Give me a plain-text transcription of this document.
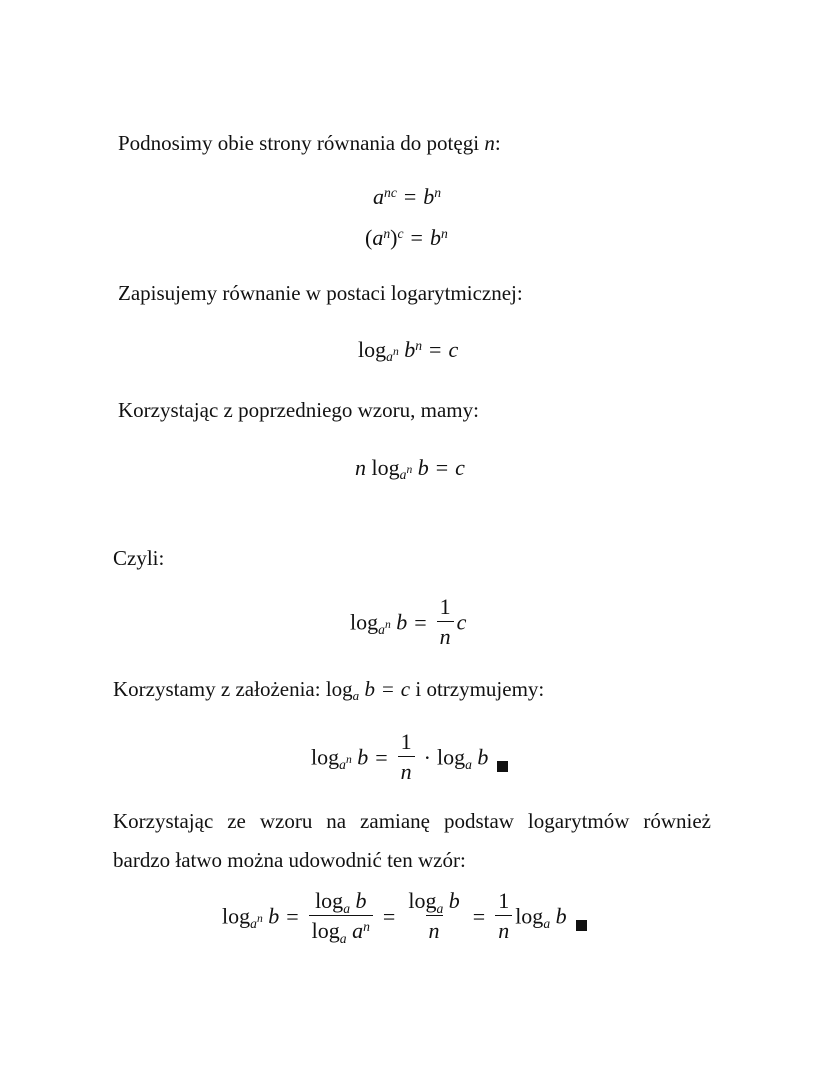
Podnosimy obie strony równania do potęgi n:
$a^{nc} = b^n$
$(a^n)^c = b^n$
Zapisujemy równanie w postaci logarytmicznej:
$\log_{a^n} b^n = c$
Korzystając z poprzedniego wzoru, mamy:
n $\log_{a^n} b = c$
Czyli:
$\log_{a^n} b = \frac{1}{n}$ c
Korzystamy z założenia: $\log_a b = c$ i otrzymujemy:
$\log_{a^n} b = \frac{1}{n} \cdot \log_a b$
Korzystając ze wzoru na zamianę podstaw logarytmów również bardzo łatwo można udowodnić ten wzór:
$\log_{a^n} b = \frac{\log_a b}{\log_a a^n} = \frac{\log_a b}{n} = \frac{1}{n} \log_a b$
